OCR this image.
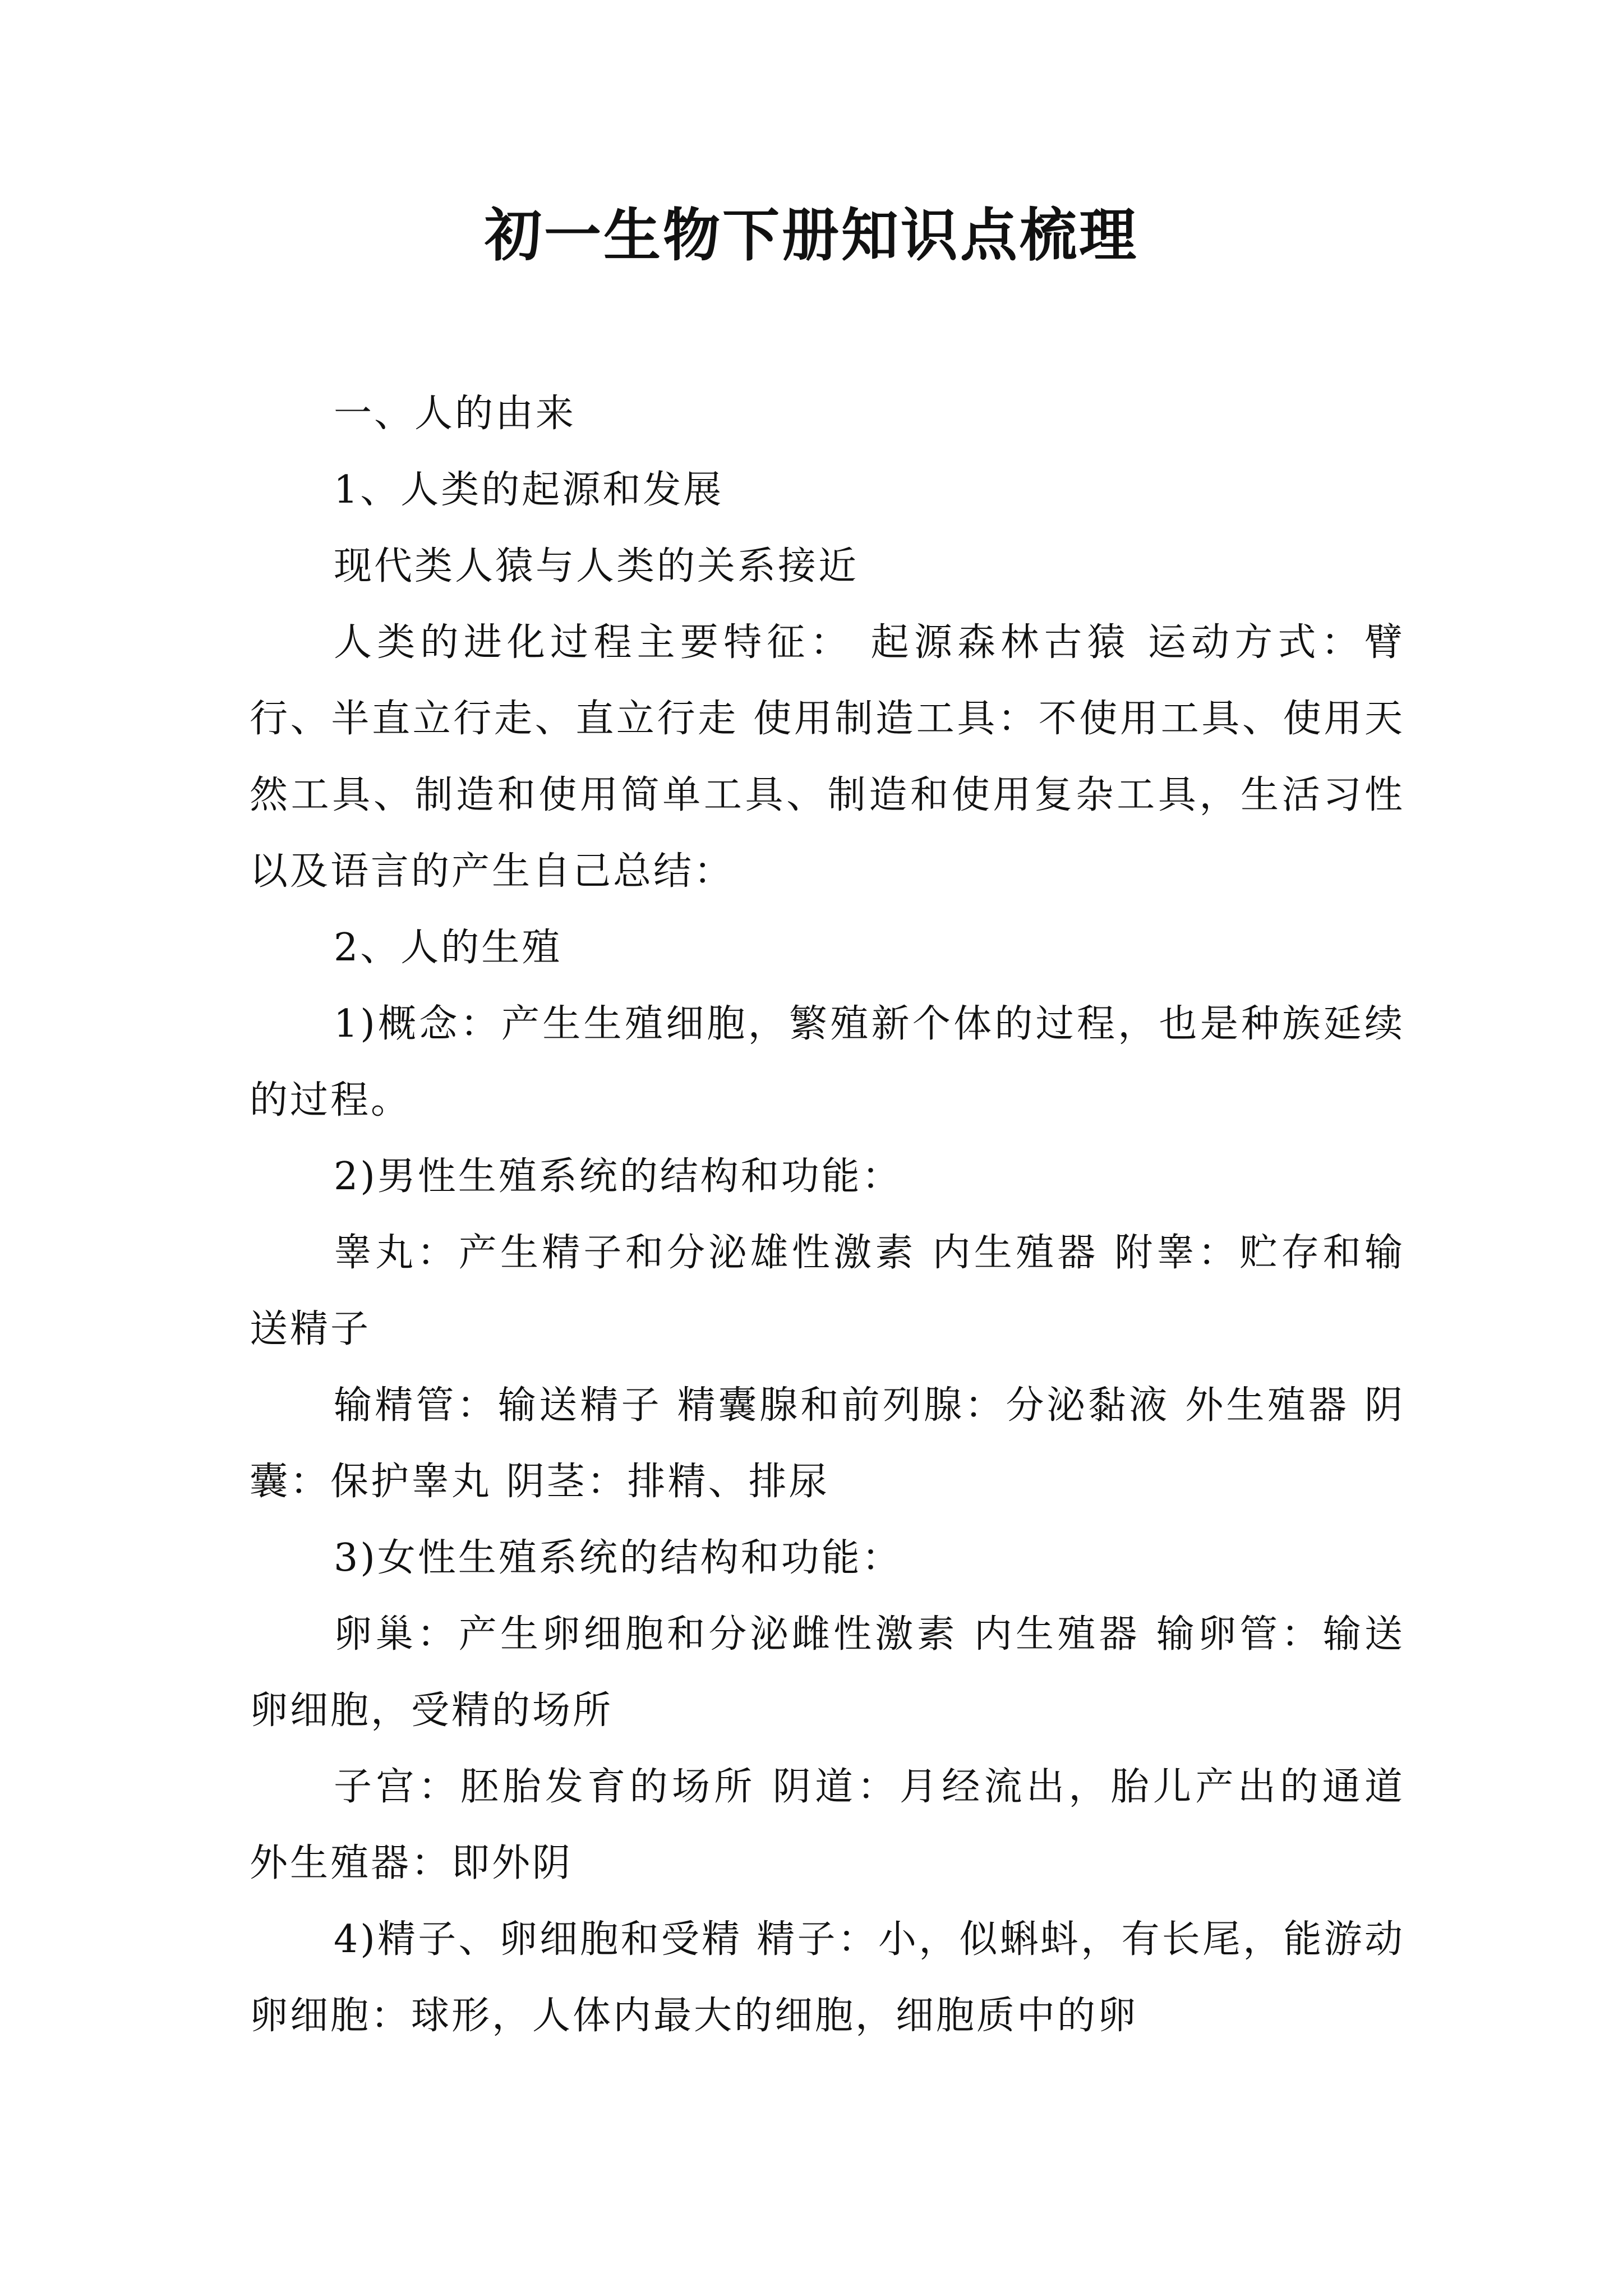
初一生物下册知识点梳理

一、人的由来

1、人类的起源和发展

现代类人猿与人类的关系接近

人类的进化过程主要特征： 起源森林古猿 运动方式：臂行、半直立行走、直立行走 使用制造工具：不使用工具、使用天然工具、制造和使用简单工具、制造和使用复杂工具，生活习性以及语言的产生自己总结：

2、人的生殖

1)概念：产生生殖细胞，繁殖新个体的过程，也是种族延续的过程。

2)男性生殖系统的结构和功能：

睾丸：产生精子和分泌雄性激素 内生殖器 附睾：贮存和输送精子

输精管：输送精子 精囊腺和前列腺：分泌黏液 外生殖器 阴囊：保护睾丸 阴茎：排精、排尿

3)女性生殖系统的结构和功能：

卵巢：产生卵细胞和分泌雌性激素 内生殖器 输卵管：输送卵细胞，受精的场所

子宫：胚胎发育的场所 阴道：月经流出，胎儿产出的通道 外生殖器：即外阴

4)精子、卵细胞和受精 精子：小，似蝌蚪，有长尾，能游动 卵细胞：球形，人体内最大的细胞，细胞质中的卵
